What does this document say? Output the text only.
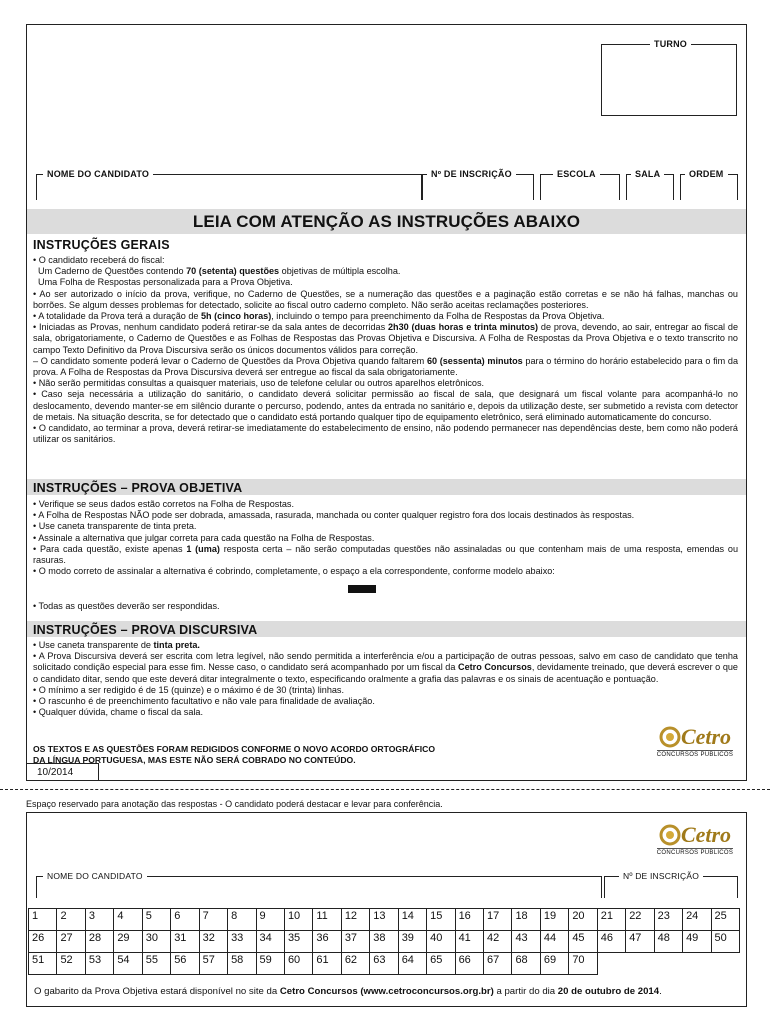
TURNO
NOME DO CANDIDATO	Nº DE INSCRIÇÃO	ESCOLA	SALA	ORDEM
LEIA COM ATENÇÃO AS INSTRUÇÕES ABAIXO
INSTRUÇÕES GERAIS

• O candidato receberá do fiscal:

Um Caderno de Questões contendo 70 (setenta) questões objetivas de múltipla escolha.

Uma Folha de Respostas personalizada para a Prova Objetiva.

• Ao ser autorizado o início da prova, verifique, no Caderno de Questões, se a numeração das questões e a paginação estão corretas e se não há falhas, manchas ou borrões. Se algum desses problemas for detectado, solicite ao fiscal outro caderno completo. Não serão aceitas reclamações posteriores.

• A totalidade da Prova terá a duração de 5h (cinco horas), incluindo o tempo para preenchimento da Folha de Respostas da Prova Objetiva.

• Iniciadas as Provas, nenhum candidato poderá retirar-se da sala antes de decorridas 2h30 (duas horas e trinta minutos) de prova, devendo, ao sair, entregar ao fiscal de sala, obrigatoriamente, o Caderno de Questões e as Folhas de Respostas das Provas Objetiva e Discursiva. A Folha de Respostas da Prova Objetiva e o texto transcrito no campo Texto Definitivo da Prova Discursiva serão os únicos documentos válidos para correção.

– O candidato somente poderá levar o Caderno de Questões da Prova Objetiva quando faltarem 60 (sessenta) minutos para o término do horário estabelecido para o fim da prova. A Folha de Respostas da Prova Discursiva deverá ser entregue ao fiscal da sala obrigatoriamente.

• Não serão permitidas consultas a quaisquer materiais, uso de telefone celular ou outros aparelhos eletrônicos.

• Caso seja necessária a utilização do sanitário, o candidato deverá solicitar permissão ao fiscal de sala, que designará um fiscal volante para acompanhá-lo no deslocamento, devendo manter-se em silêncio durante o percurso, podendo, antes da entrada no sanitário e, depois da utilização deste, ser submetido a revista com detector de metais. Na situação descrita, se for detectado que o candidato está portando qualquer tipo de equipamento eletrônico, será eliminado automaticamente do concurso.

• O candidato, ao terminar a prova, deverá retirar-se imediatamente do estabelecimento de ensino, não podendo permanecer nas dependências deste, bem como não poderá utilizar os sanitários.

INSTRUÇÕES – PROVA OBJETIVA

• Verifique se seus dados estão corretos na Folha de Respostas.

• A Folha de Respostas NÃO pode ser dobrada, amassada, rasurada, manchada ou conter qualquer registro fora dos locais destinados às respostas.

• Use caneta transparente de tinta preta.

• Assinale a alternativa que julgar correta para cada questão na Folha de Respostas.

• Para cada questão, existe apenas 1 (uma) resposta certa – não serão computadas questões não assinaladas ou que contenham mais de uma resposta, emendas ou rasuras.

• O modo correto de assinalar a alternativa é cobrindo, completamente, o espaço a ela correspondente, conforme modelo abaixo:

• Todas as questões deverão ser respondidas.

INSTRUÇÕES – PROVA DISCURSIVA

• Use caneta transparente de tinta preta.

• A Prova Discursiva deverá ser escrita com letra legível, não sendo permitida a interferência e/ou a participação de outras pessoas, salvo em caso de candidato que tenha solicitado condição especial para esse fim. Nesse caso, o candidato será acompanhado por um fiscal da Cetro Concursos, devidamente treinado, que deverá escrever o que o candidato ditar, sendo que este deverá ditar integralmente o texto, especificando oralmente a grafia das palavras e os sinais de acentuação e pontuação.

• O mínimo a ser redigido é de 15 (quinze) e o máximo é de 30 (trinta) linhas.

• O rascunho é de preenchimento facultativo e não vale para finalidade de avaliação.

• Qualquer dúvida, chame o fiscal da sala.

OS TEXTOS E AS QUESTÕES FORAM REDIGIDOS CONFORME O NOVO ACORDO ORTOGRÁFICO
DA LÍNGUA PORTUGUESA, MAS ESTE NÃO SERÁ COBRADO NO CONTEÚDO.
10/2014
Cetro
CONCURSOS PÚBLICOS
Espaço reservado para anotação das respostas - O candidato poderá destacar e levar para conferência.
Cetro
CONCURSOS PÚBLICOS
NOME DO CANDIDATO	Nº DE INSCRIÇÃO
1	2	3	4	5	6	7	8	9	10	11	12	13	14	15	16	17	18	19	20	21	22	23	24	25
26	27	28	29	30	31	32	33	34	35	36	37	38	39	40	41	42	43	44	45	46	47	48	49	50
51	52	53	54	55	56	57	58	59	60	61	62	63	64	65	66	67	68	69	70					
O gabarito da Prova Objetiva estará disponível no site da Cetro Concursos (www.cetroconcursos.org.br) a partir do dia 20 de outubro de 2014.
